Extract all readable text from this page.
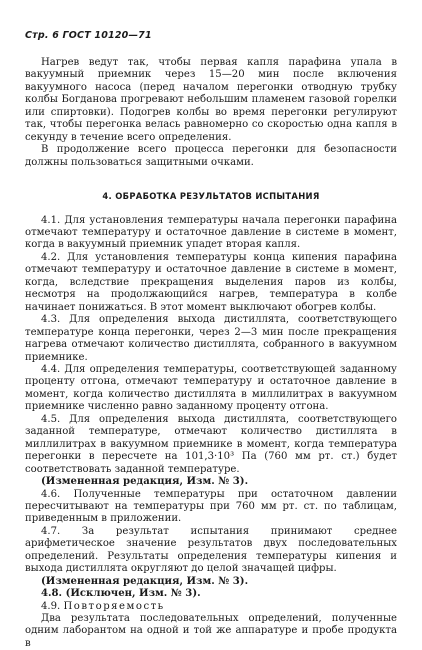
Стр. 6 ГОСТ 10120—71

Нагрев ведут так, чтобы первая капля парафина упала в вакуумный приемник через 15—20 мин после включения вакуумного насоса (перед началом перегонки отводную трубку колбы Богданова прогревают небольшим пламенем газовой горелки или спиртовки). Подогрев колбы во время перегонки регулируют так, чтобы перегонка велась равномерно со скоростью одна капля в секунду в течение всего определения.

В продолжение всего процесса перегонки для безопасности должны пользоваться защитными очками.

4. ОБРАБОТКА РЕЗУЛЬТАТОВ ИСПЫТАНИЯ

4.1. Для установления температуры начала перегонки парафина отмечают температуру и остаточное давление в системе в момент, когда в вакуумный приемник упадет вторая капля.

4.2. Для установления температуры конца кипения парафина отмечают температуру и остаточное давление в системе в момент, когда, вследствие прекращения выделения паров из колбы, несмотря на продолжающийся нагрев, температура в колбе начинает понижаться. В этот момент выключают обогрев колбы.

4.3. Для определения выхода дистиллята, соответствующего температуре конца перегонки, через 2—3 мин после прекращения нагрева отмечают количество дистиллята, собранного в вакуумном приемнике.

4.4. Для определения температуры, соответствующей заданному проценту отгона, отмечают температуру и остаточное давление в момент, когда количество дистиллята в миллилитрах в вакуумном приемнике численно равно заданному проценту отгона.

4.5. Для определения выхода дистиллята, соответствующего заданной температуре, отмечают количество дистиллята в миллилитрах в вакуумном приемнике в момент, когда температура перегонки в пересчете на 101,3·10³ Па (760 мм рт. ст.) будет соответствовать заданной температуре.

(Измененная редакция, Изм. № 3).

4.6. Полученные температуры при остаточном давлении пересчитывают на температуры при 760 мм рт. ст. по таблицам, приведенным в приложении.

4.7. За результат испытания принимают среднее арифметическое значение результатов двух последовательных определений. Результаты определения температуры кипения и выхода дистиллята округляют до целой значащей цифры.

(Измененная редакция, Изм. № 3).

4.8. (Исключен, Изм. № 3).

4.9. Повторяемость

Два результата последовательных определений, полученные одним лаборантом на одной и той же аппаратуре и пробе продукта в
